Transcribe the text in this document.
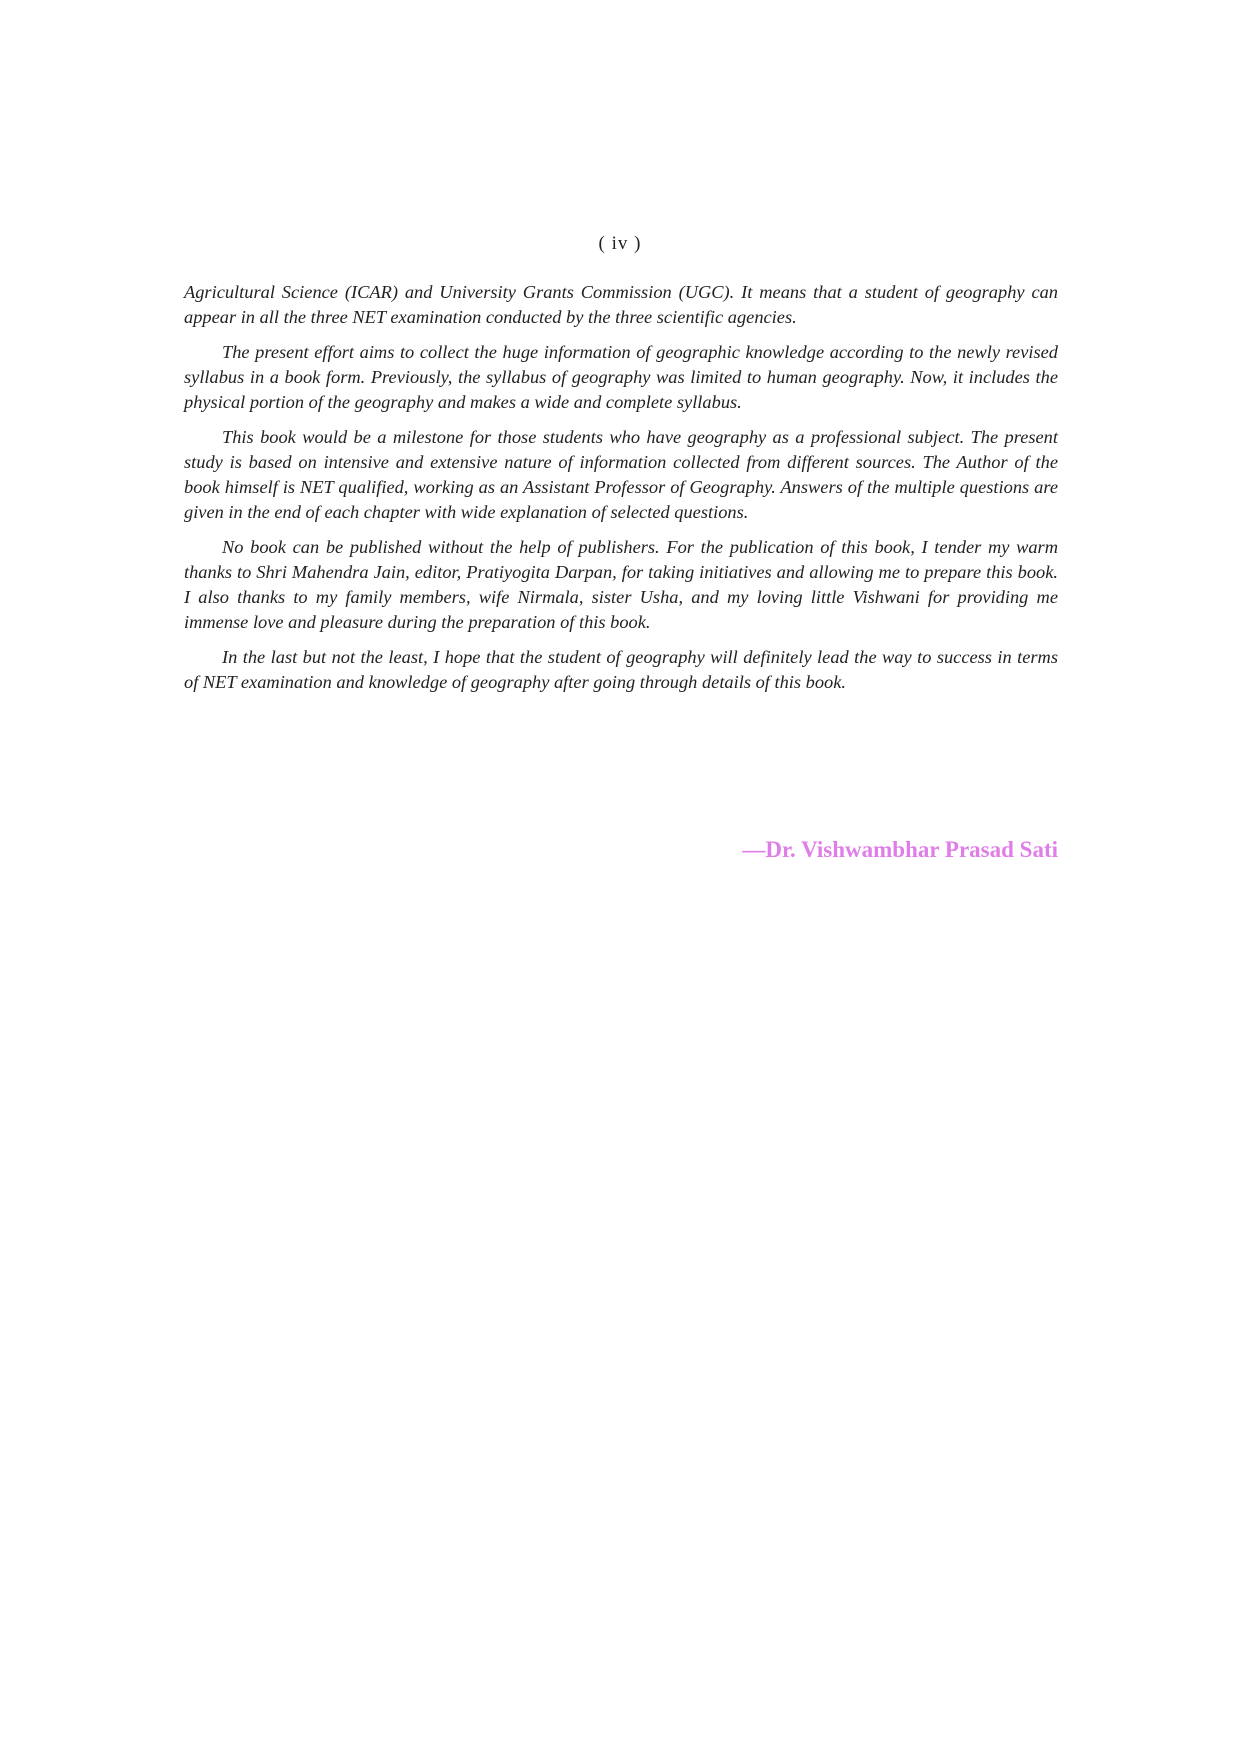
( iv )

Agricultural Science (ICAR) and University Grants Commission (UGC). It means that a student of geography can appear in all the three NET examination conducted by the three scientific agencies.

The present effort aims to collect the huge information of geographic knowledge according to the newly revised syllabus in a book form. Previously, the syllabus of geography was limited to human geography. Now, it includes the physical portion of the geography and makes a wide and complete syllabus.

This book would be a milestone for those students who have geography as a professional subject. The present study is based on intensive and extensive nature of information collected from different sources. The Author of the book himself is NET qualified, working as an Assistant Professor of Geography. Answers of the multiple questions are given in the end of each chapter with wide explanation of selected questions.

No book can be published without the help of publishers. For the publication of this book, I tender my warm thanks to Shri Mahendra Jain, editor, Pratiyogita Darpan, for taking initiatives and allowing me to prepare this book. I also thanks to my family members, wife Nirmala, sister Usha, and my loving little Vishwani for providing me immense love and pleasure during the preparation of this book.

In the last but not the least, I hope that the student of geography will definitely lead the way to success in terms of NET examination and knowledge of geography after going through details of this book.

—Dr. Vishwambhar Prasad Sati
